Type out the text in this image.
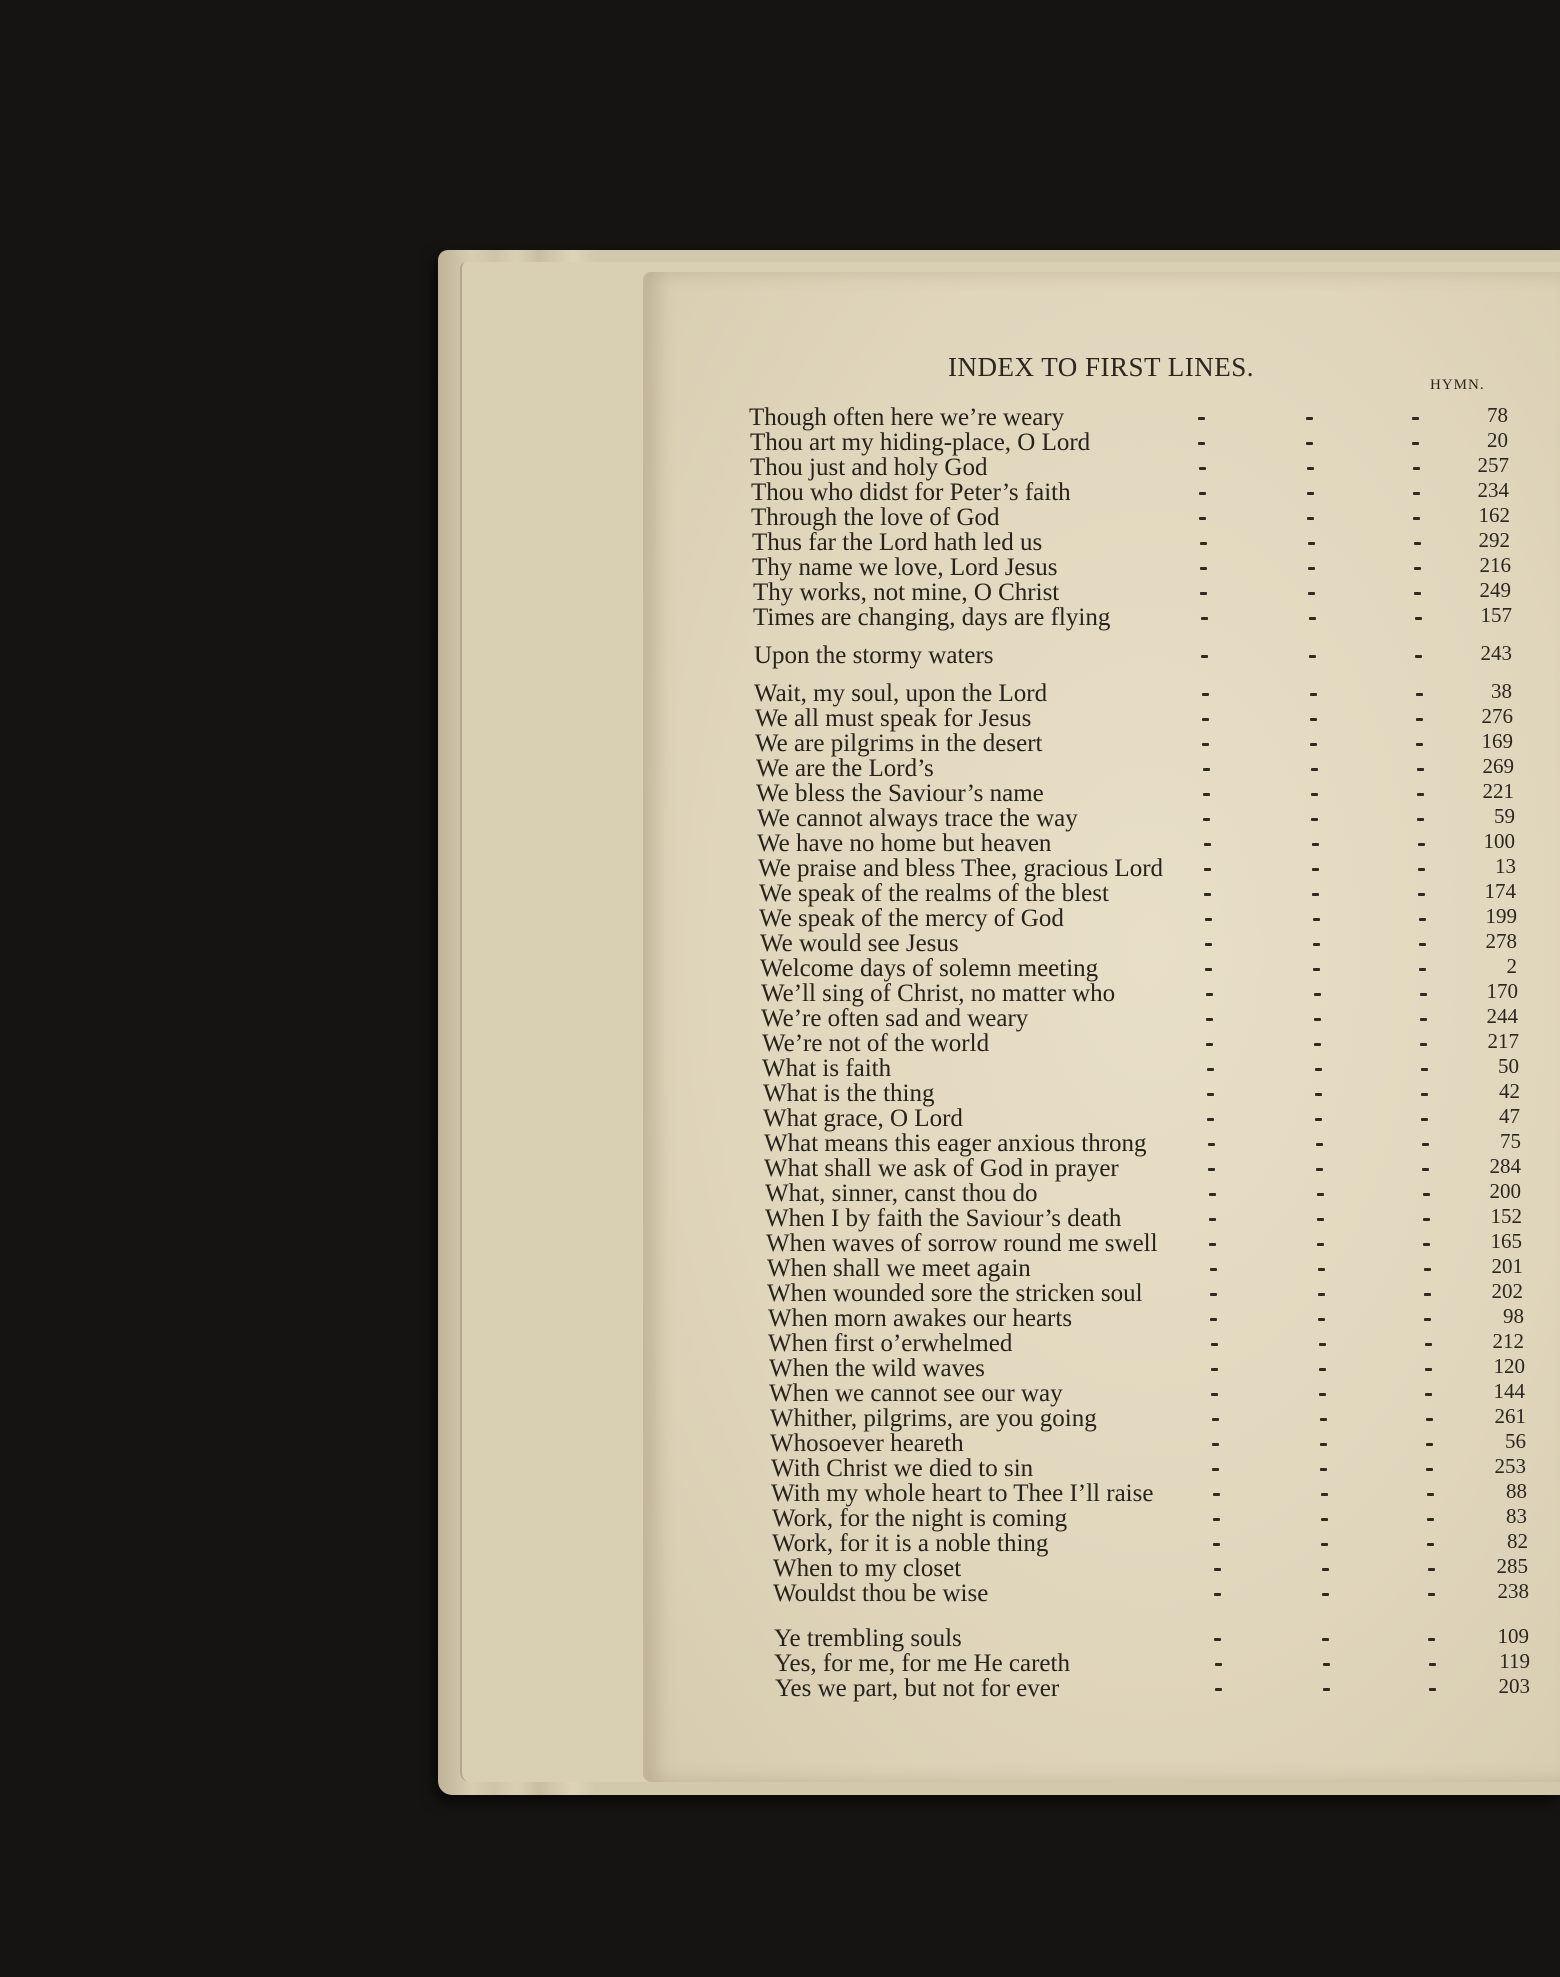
INDEX TO FIRST LINES.
HYMN.
Though often here we’re weary	78
Thou art my hiding-place, O Lord	20
Thou just and holy God	257
Thou who didst for Peter’s faith	234
Through the love of God	162
Thus far the Lord hath led us	292
Thy name we love, Lord Jesus	216
Thy works, not mine, O Christ	249
Times are changing, days are flying	157
Upon the stormy waters	243
Wait, my soul, upon the Lord	38
We all must speak for Jesus	276
We are pilgrims in the desert	169
We are the Lord’s	269
We bless the Saviour’s name	221
We cannot always trace the way	59
We have no home but heaven	100
We praise and bless Thee, gracious Lord	13
We speak of the realms of the blest	174
We speak of the mercy of God	199
We would see Jesus	278
Welcome days of solemn meeting	2
We’ll sing of Christ, no matter who	170
We’re often sad and weary	244
We’re not of the world	217
What is faith	50
What is the thing	42
What grace, O Lord	47
What means this eager anxious throng	75
What shall we ask of God in prayer	284
What, sinner, canst thou do	200
When I by faith the Saviour’s death	152
When waves of sorrow round me swell	165
When shall we meet again	201
When wounded sore the stricken soul	202
When morn awakes our hearts	98
When first o’erwhelmed	212
When the wild waves	120
When we cannot see our way	144
Whither, pilgrims, are you going	261
Whosoever heareth	56
With Christ we died to sin	253
With my whole heart to Thee I’ll raise	88
Work, for the night is coming	83
Work, for it is a noble thing	82
When to my closet	285
Wouldst thou be wise	238
Ye trembling souls	109
Yes, for me, for me He careth	119
Yes we part, but not for ever	203
